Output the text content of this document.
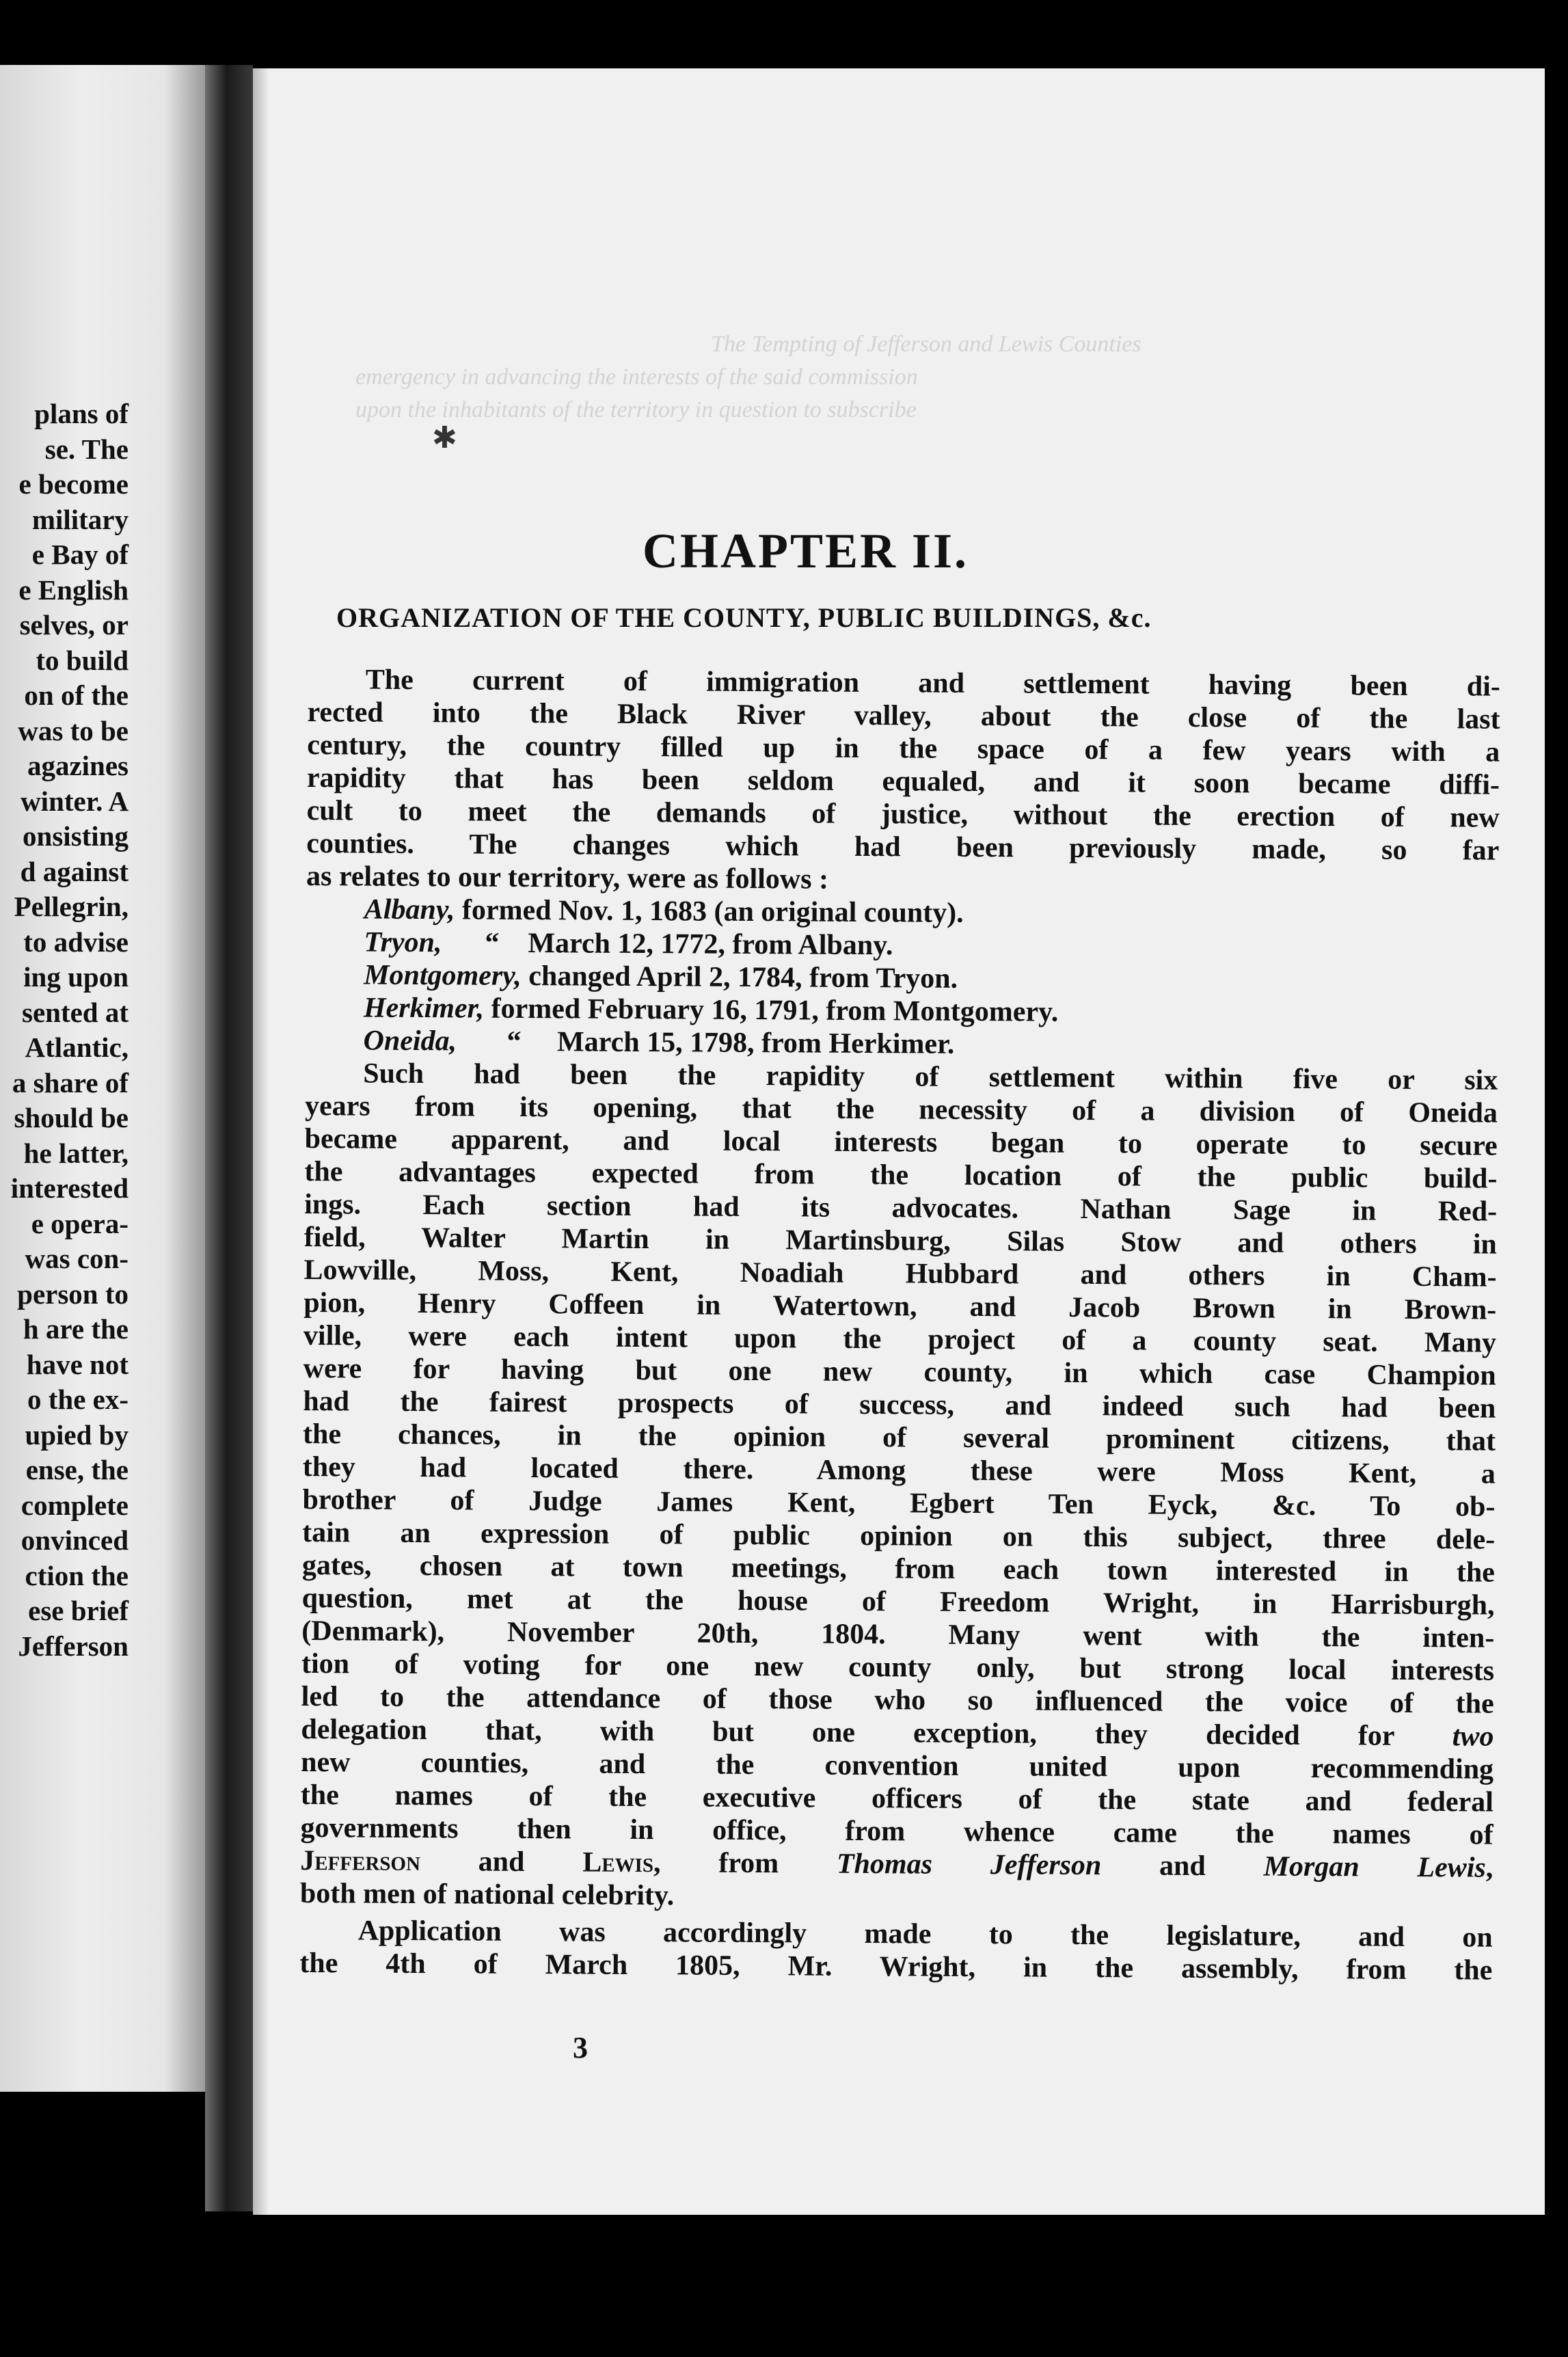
plans of
se. The
e become
military
e Bay of
e English
selves, or
to build
on of the
was to be
agazines
winter. A
onsisting
d against
Pellegrin,
to advise
ing upon
sented at
Atlantic,
a share of
should be
he latter,
interested
e opera-
was con-
person to
h are the
have not
o the ex-
upied by
ense, the
complete
onvinced
ction the
ese brief
Jefferson
The Tempting of Jefferson and Lewis Counties
emergency in advancing the interests of the said commission
upon the inhabitants of the territory in question to subscribe
✱
CHAPTER II.
ORGANIZATION OF THE COUNTY, PUBLIC BUILDINGS, &c.

The current of immigration and settlement having been di-
rected into the Black River valley, about the close of the last
century, the country filled up in the space of a few years with a
rapidity that has been seldom equaled, and it soon became diffi-
cult to meet the demands of justice, without the erection of new
counties. The changes which had been previously made, so far
as relates to our territory, were as follows :

Albany, formed Nov. 1, 1683 (an original county).
Tryon,      “    March 12, 1772, from Albany.
Montgomery, changed April 2, 1784, from Tryon.
Herkimer, formed February 16, 1791, from Montgomery.
Oneida,       “     March 15, 1798, from Herkimer.

Such had been the rapidity of settlement within five or six
years from its opening, that the necessity of a division of Oneida
became apparent, and local interests began to operate to secure
the advantages expected from the location of the public build-
ings. Each section had its advocates. Nathan Sage in Red-
field, Walter Martin in Martinsburg, Silas Stow and others in
Lowville, Moss, Kent, Noadiah Hubbard and others in Cham-
pion, Henry Coffeen in Watertown, and Jacob Brown in Brown-
ville, were each intent upon the project of a county seat. Many
were for having but one new county, in which case Champion
had the fairest prospects of success, and indeed such had been
the chances, in the opinion of several prominent citizens, that
they had located there. Among these were Moss Kent, a
brother of Judge James Kent, Egbert Ten Eyck, &c. To ob-
tain an expression of public opinion on this subject, three dele-
gates, chosen at town meetings, from each town interested in the
question, met at the house of Freedom Wright, in Harrisburgh,
(Denmark), November 20th, 1804. Many went with the inten-
tion of voting for one new county only, but strong local interests
led to the attendance of those who so influenced the voice of the
delegation that, with but one exception, they decided for two
new counties, and the convention united upon recommending
the names of the executive officers of the state and federal
governments then in office, from whence came the names of
Jefferson and Lewis, from Thomas Jefferson and Morgan Lewis,
both men of national celebrity.

Application was accordingly made to the legislature, and on
the 4th of March 1805, Mr. Wright, in the assembly, from the

3
